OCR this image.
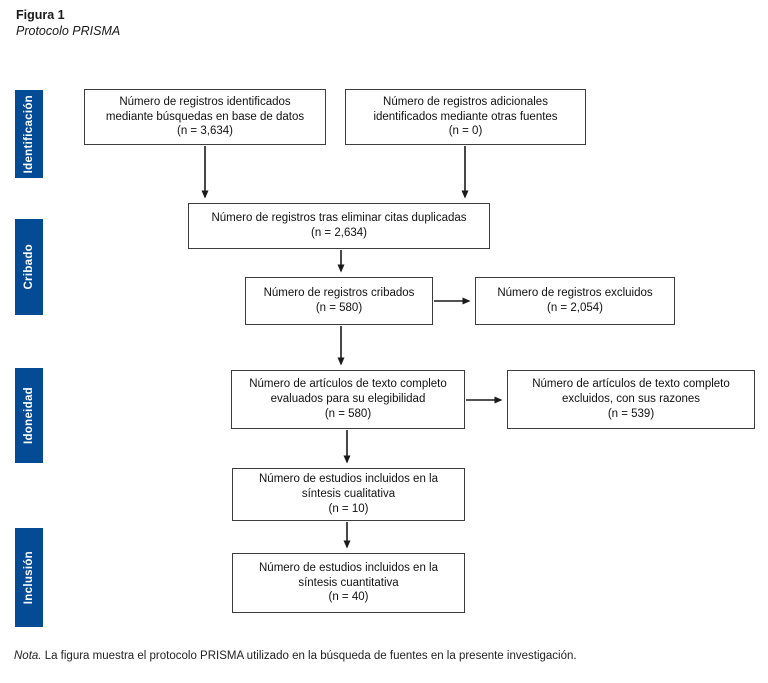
Figura 1
Protocolo PRISMA
Identificación
Cribado
Idoneidad
Inclusión
Número de registros identificados
mediante búsquedas en base de datos
(n = 3,634)
Número de registros adicionales
identificados mediante otras fuentes
(n = 0)
Número de registros tras eliminar citas duplicadas
(n = 2,634)
Número de registros cribados
(n = 580)
Número de registros excluidos
(n = 2,054)
Número de artículos de texto completo
evaluados para su elegibilidad
(n = 580)
Número de artículos de texto completo
excluidos, con sus razones
(n = 539)
Número de estudios incluidos en la
síntesis cualitativa
(n = 10)
Número de estudios incluidos en la
síntesis cuantitativa
(n = 40)
Nota. La figura muestra el protocolo PRISMA utilizado en la búsqueda de fuentes en la presente investigación.
